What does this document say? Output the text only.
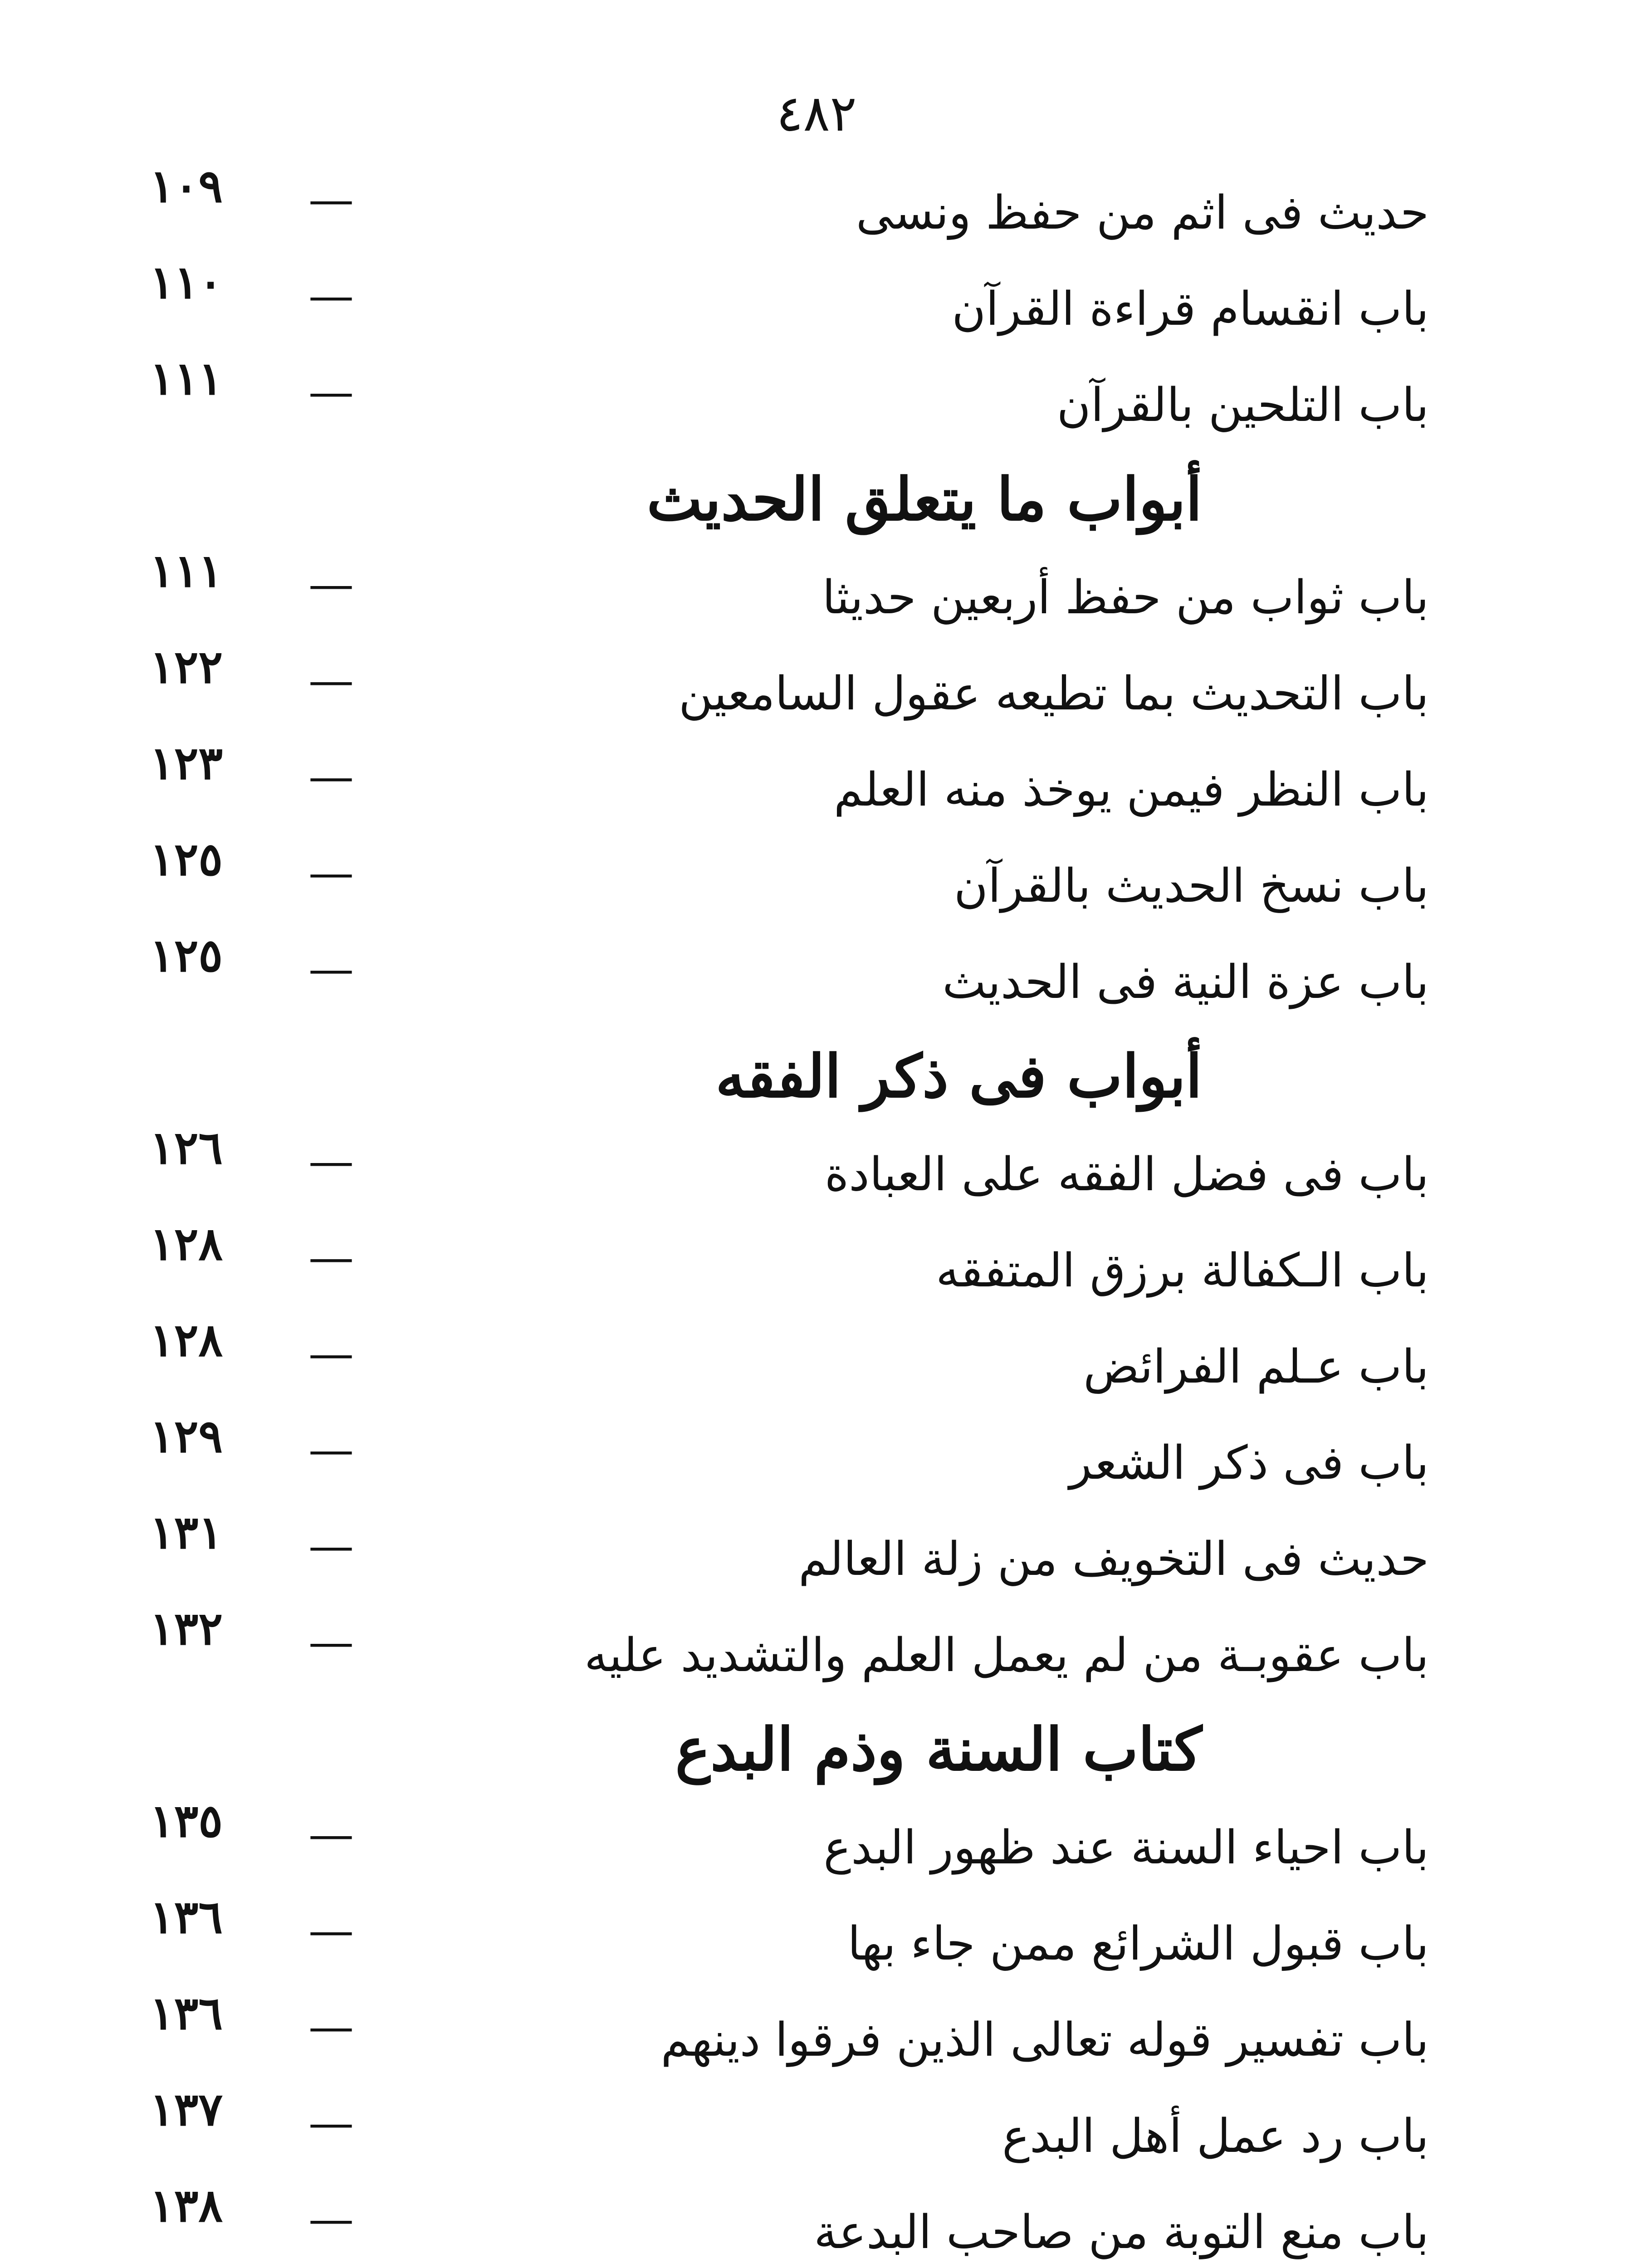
٤٨٢
حديث فى اثم من حفظ ونسى
—
١٠٩
باب انقسام قراءة القرآن
—
١١٠
باب التلحين بالقرآن
—
١١١
أبواب ما يتعلق الحديث
باب ثواب من حفظ أربعين حديثا
—
١١١
باب التحديث بما تطيعه عقول السامعين
—
١٢٢
باب النظر فيمن يوخذ منه العلم
—
١٢٣
باب نسخ الحديث بالقرآن
—
١٢٥
باب عزة النية فى الحديث
—
١٢٥
أبواب فى ذكر الفقه
باب فى فضل الفقه على العبادة
—
١٢٦
باب الـكفالة برزق المتفقه
—
١٢٨
باب عـلم الفرائض
—
١٢٨
باب فى ذكر الشعر
—
١٢٩
حديث فى التخويف من زلة العالم
—
١٣١
باب عقوبـة من لم يعمل العلم والتشديد عليه
—
١٣٢
كتاب السنة وذم البدع
باب احياء السنة عند ظهور البدع
—
١٣٥
باب قبول الشرائع ممن جاء بها
—
١٣٦
باب تفسير قوله تعالى الذين فرقوا دينهم
—
١٣٦
باب رد عمل أهل البدع
—
١٣٧
باب منع التوبة من صاحب البدعة
—
١٣٨
